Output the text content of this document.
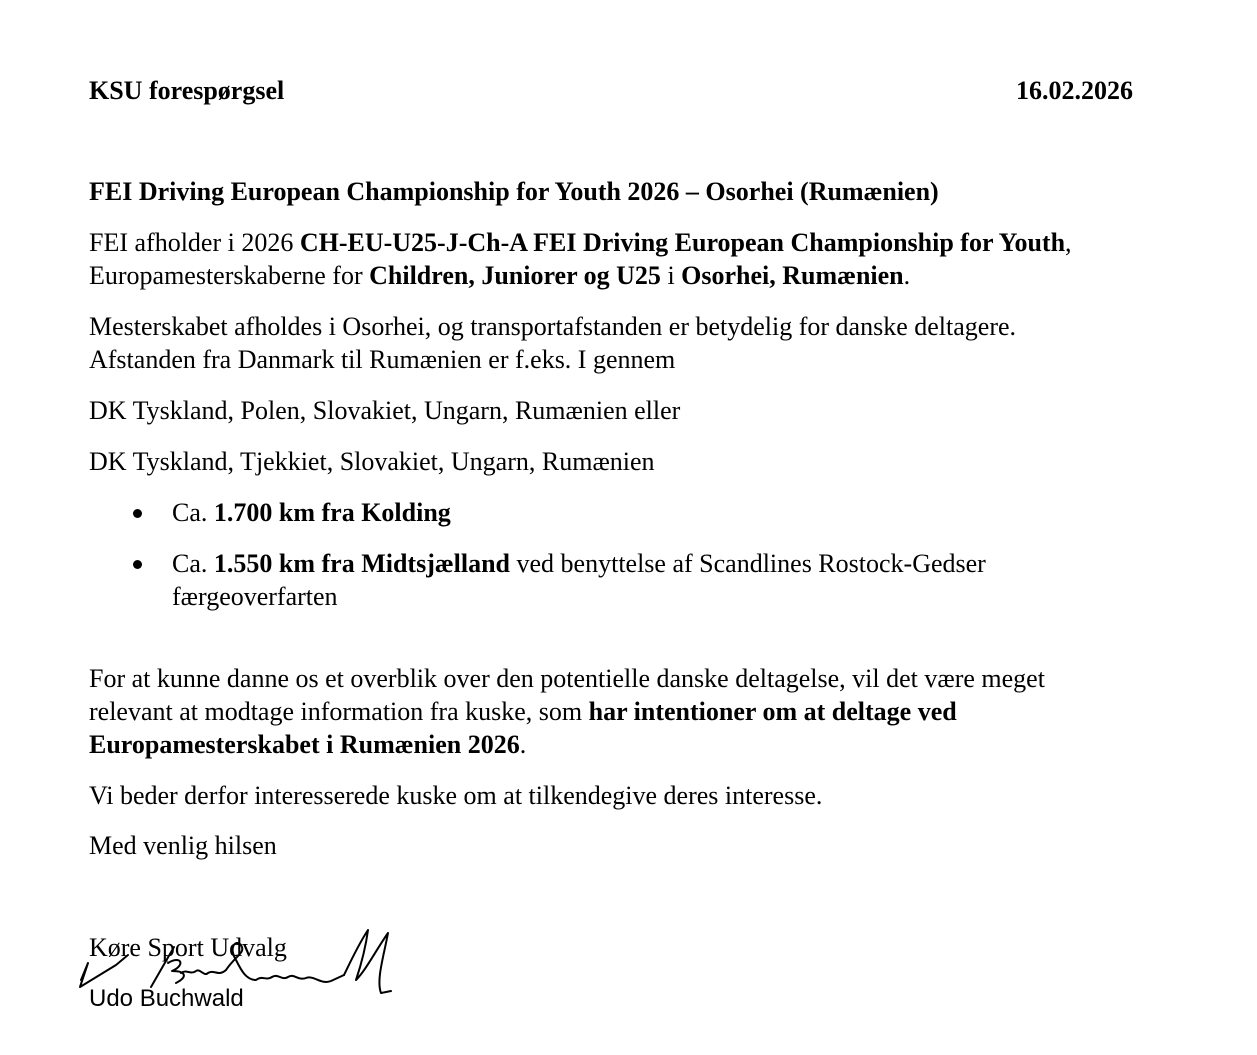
KSU forespørgsel	16.02.2026
FEI Driving European Championship for Youth 2026 – Osorhei (Rumænien)
FEI afholder i 2026 CH-EU-U25-J-Ch-A FEI Driving European Championship for Youth,
Europamesterskaberne for Children, Juniorer og U25 i Osorhei, Rumænien.
Mesterskabet afholdes i Osorhei, og transportafstanden er betydelig for danske deltagere.
Afstanden fra Danmark til Rumænien er f.eks. I gennem
DK Tyskland, Polen, Slovakiet, Ungarn, Rumænien eller
DK Tyskland, Tjekkiet, Slovakiet, Ungarn, Rumænien
Ca. 1.700 km fra Kolding
Ca. 1.550 km fra Midtsjælland ved benyttelse af Scandlines Rostock-Gedser
færgeoverfarten
For at kunne danne os et overblik over den potentielle danske deltagelse, vil det være meget
relevant at modtage information fra kuske, som har intentioner om at deltage ved
Europamesterskabet i Rumænien 2026.
Vi beder derfor interesserede kuske om at tilkendegive deres interesse.
Med venlig hilsen
Køre Sport Udvalg
Udo Buchwald
